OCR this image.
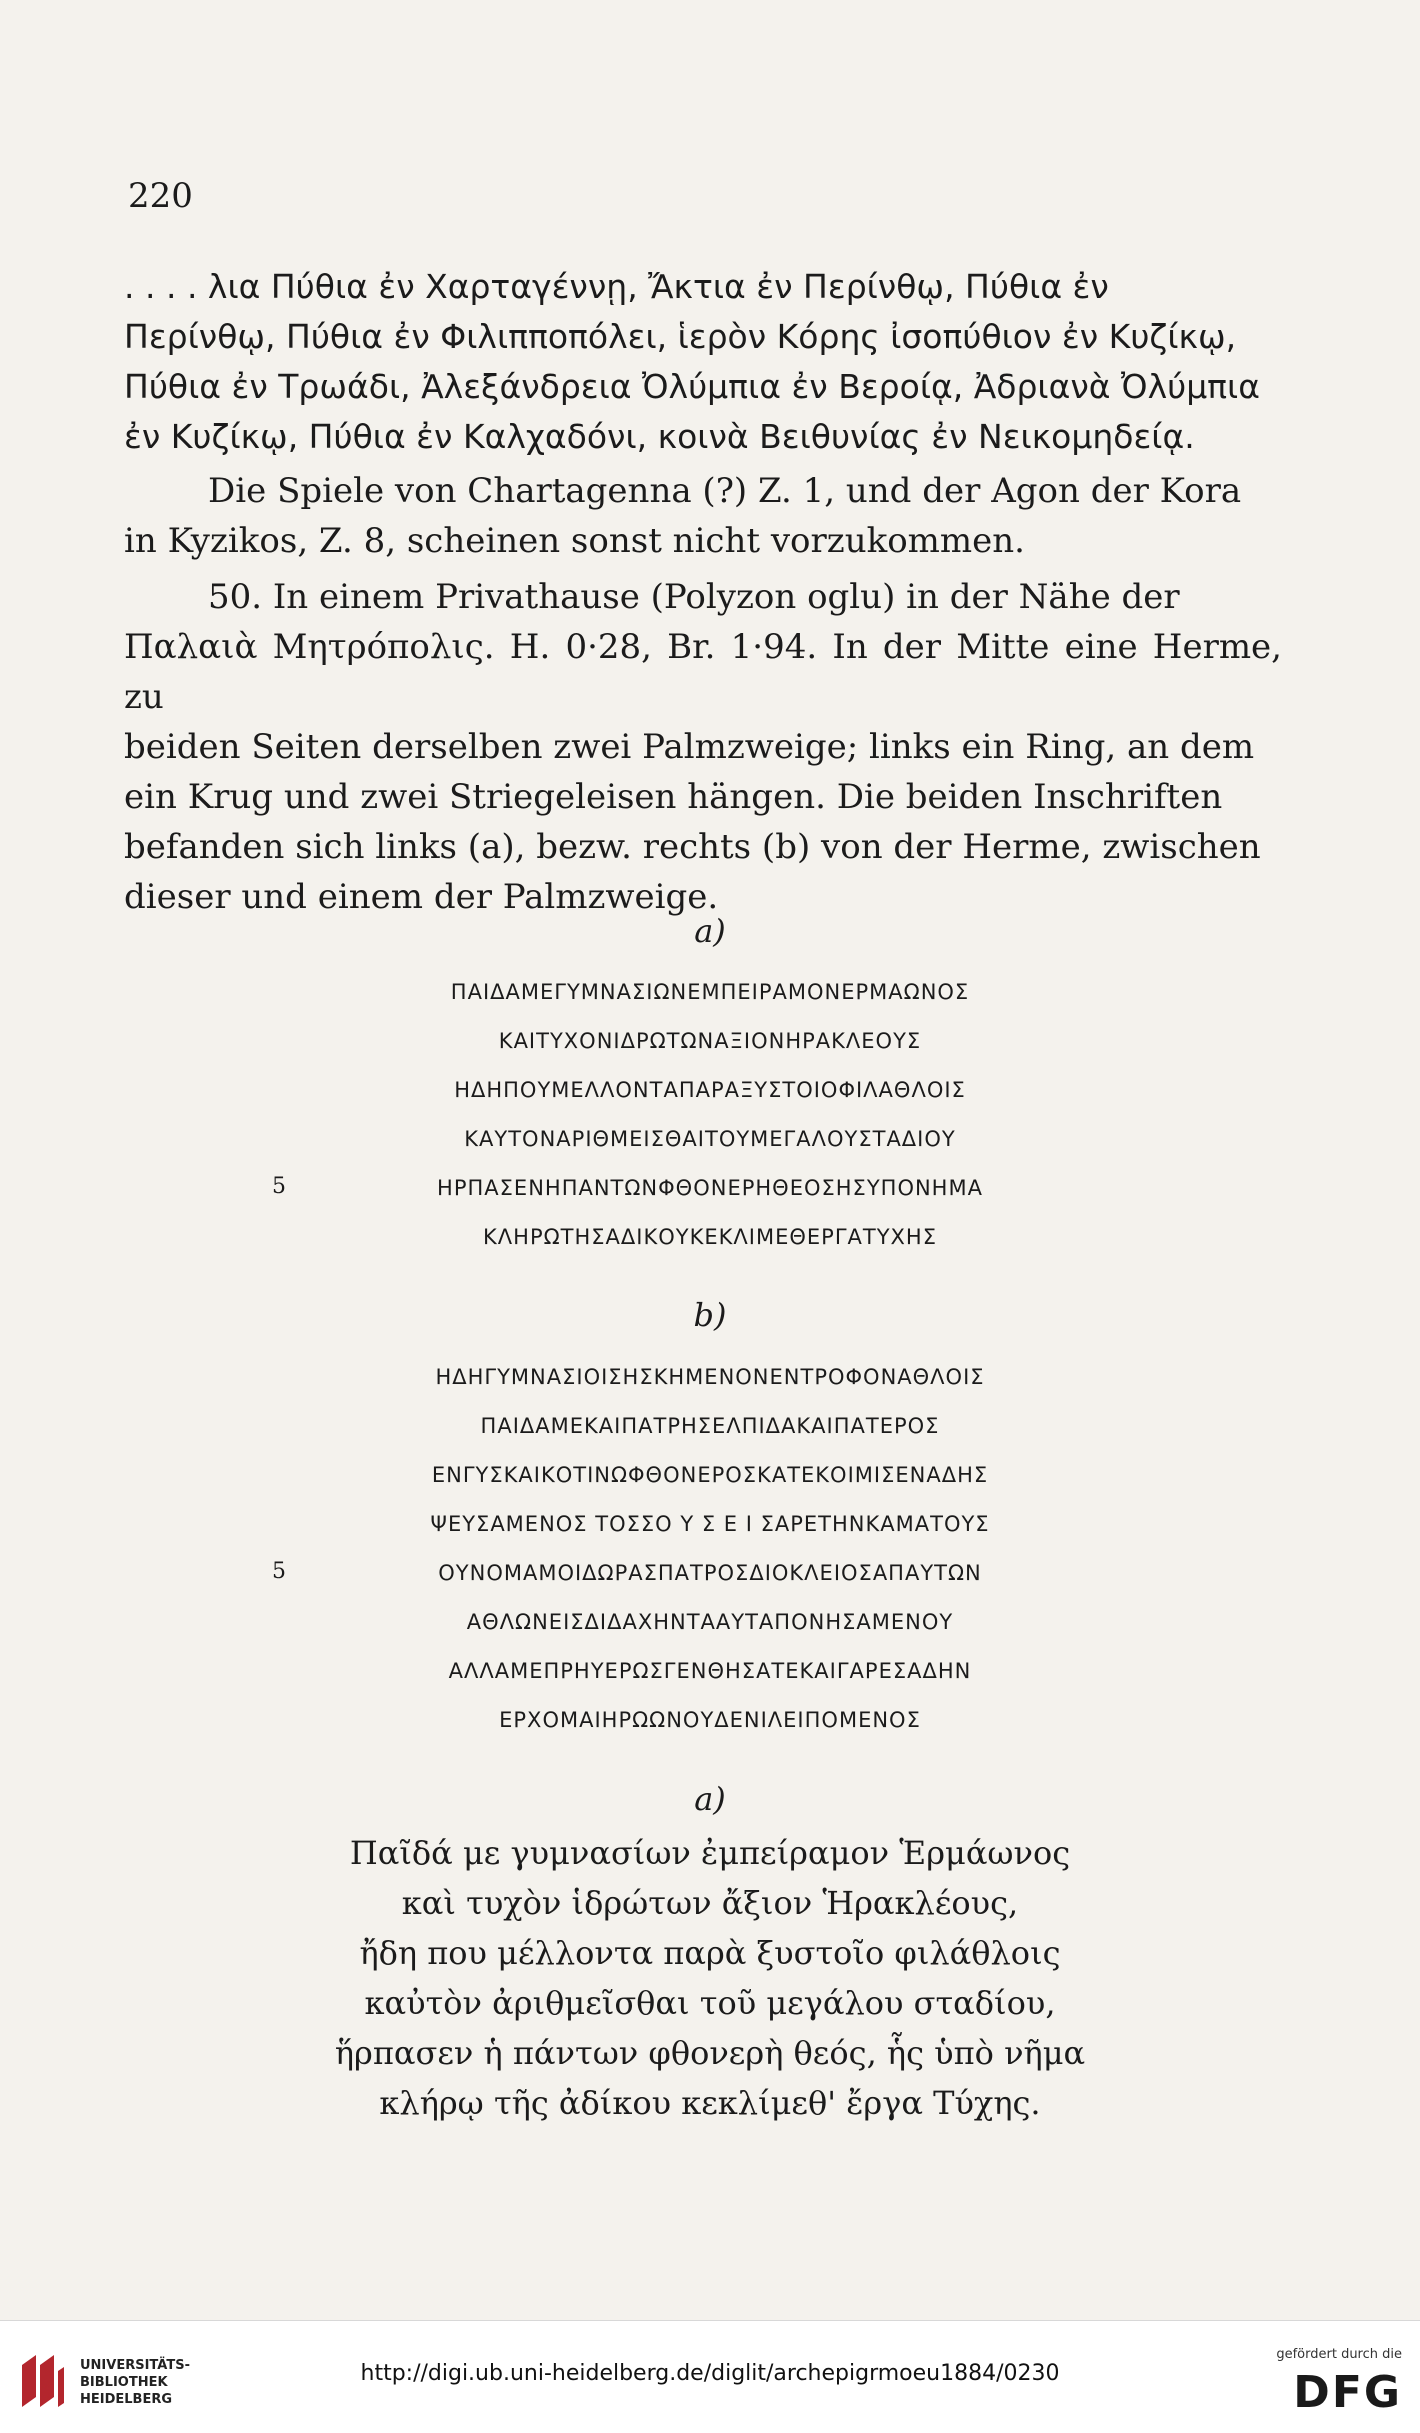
220

. . . . λια Πύθια ἐν Χαρταγέννῃ, Ἄκτια ἐν Περίνθῳ, Πύθια ἐν

Περίνθῳ, Πύθια ἐν Φιλιπποπόλει, ἱερὸν Κόρης ἰσοπύθιον ἐν Κυζίκῳ,

Πύθια ἐν Τρωάδι, Ἀλεξάνδρεια Ὀλύμπια ἐν Βεροίᾳ, Ἀδριανὰ Ὀλύμπια

ἐν Κυζίκῳ, Πύθια ἐν Καλχαδόνι, κοινὰ Βειθυνίας ἐν Νεικομηδείᾳ.

Die Spiele von Chartagenna (?) Z. 1, und der Agon der Kora

in Kyzikos, Z. 8, scheinen sonst nicht vorzukommen.

50. In einem Privathause (Polyzon oglu) in der Nähe der

Παλαιὰ Μητρόπολις. H. 0·28, Br. 1·94. In der Mitte eine Herme, zu

beiden Seiten derselben zwei Palmzweige; links ein Ring, an dem

ein Krug und zwei Striegeleisen hängen. Die beiden Inschriften

befanden sich links (a), bezw. rechts (b) von der Herme, zwischen

dieser und einem der Palmzweige.

a)
ΠΑΙΔΑΜΕΓΥΜΝΑΣΙΩΝΕΜΠΕΙΡΑΜΟΝΕΡΜΑΩΝΟΣ
ΚΑΙΤΥΧΟΝΙΔΡΩΤΩΝΑΞΙΟΝΗΡΑΚΛΕΟΥΣ
ΗΔΗΠΟΥΜΕΛΛΟΝΤΑΠΑΡΑΞΥΣΤΟΙΟΦΙΛΑΘΛΟΙΣ
ΚΑΥΤΟΝΑΡΙΘΜΕΙΣΘΑΙΤΟΥΜΕΓΑΛΟΥΣΤΑΔΙΟΥ
5	ΗΡΠΑΣΕΝΗΠΑΝΤΩΝΦΘΟΝΕΡΗΘΕΟΣΗΣΥΠΟΝΗΜΑ
ΚΛΗΡΩΤΗΣΑΔΙΚΟΥΚΕΚΛΙΜΕΘΕΡΓΑΤΥΧΗΣ
b)
ΗΔΗΓΥΜΝΑΣΙΟΙΣΗΣΚΗΜΕΝΟΝΕΝΤΡΟΦΟΝΑΘΛΟΙΣ
ΠΑΙΔΑΜΕΚΑΙΠΑΤΡΗΣΕΛΠΙΔΑΚΑΙΠΑΤΕΡΟΣ
ΕΝΓΥΣΚΑΙΚΟΤΙΝΩΦΘΟΝΕΡΟΣΚΑΤΕΚΟΙΜΙΣΕΝΑΔΗΣ
ΨΕΥΣΑΜΕΝΟΣ ΤΟΣΣΟ Υ Σ Ε Ι ΣΑΡΕΤΗΝΚΑΜΑΤΟΥΣ
5	ΟΥΝΟΜΑΜΟΙΔΩΡΑΣΠΑΤΡΟΣΔΙΟΚΛΕΙΟΣΑΠΑΥΤΩΝ
ΑΘΛΩΝΕΙΣΔΙΔΑΧΗΝΤΑΑΥΤΑΠΟΝΗΣΑΜΕΝΟΥ
ΑΛΛΑΜΕΠΡΗΥΕΡΩΣΓΕΝΘΗΣΑΤΕΚΑΙΓΑΡΕΣΑΔΗΝ
ΕΡΧΟΜΑΙΗΡΩΩΝΟΥΔΕΝΙΛΕΙΠΟΜΕΝΟΣ
a)
Παῖδά με γυμνασίων ἐμπείραμον Ἑρμάωνος
καὶ τυχὸν ἱδρώτων ἄξιον Ἡρακλέους,
ἤδη που μέλλοντα παρὰ ξυστοῖο φιλάθλοις
καὐτὸν ἀριθμεῖσθαι τοῦ μεγάλου σταδίου,
ἥρπασεν ἡ πάντων φθονερὴ θεός, ἧς ὑπὸ νῆμα
κλήρῳ τῆς ἀδίκου κεκλίμεθ' ἔργα Τύχης.
UNIVERSITÄTS-
BIBLIOTHEK
HEIDELBERG
http://digi.ub.uni-heidelberg.de/diglit/archepigrmoeu1884/0230
gefördert durch die
DFG
